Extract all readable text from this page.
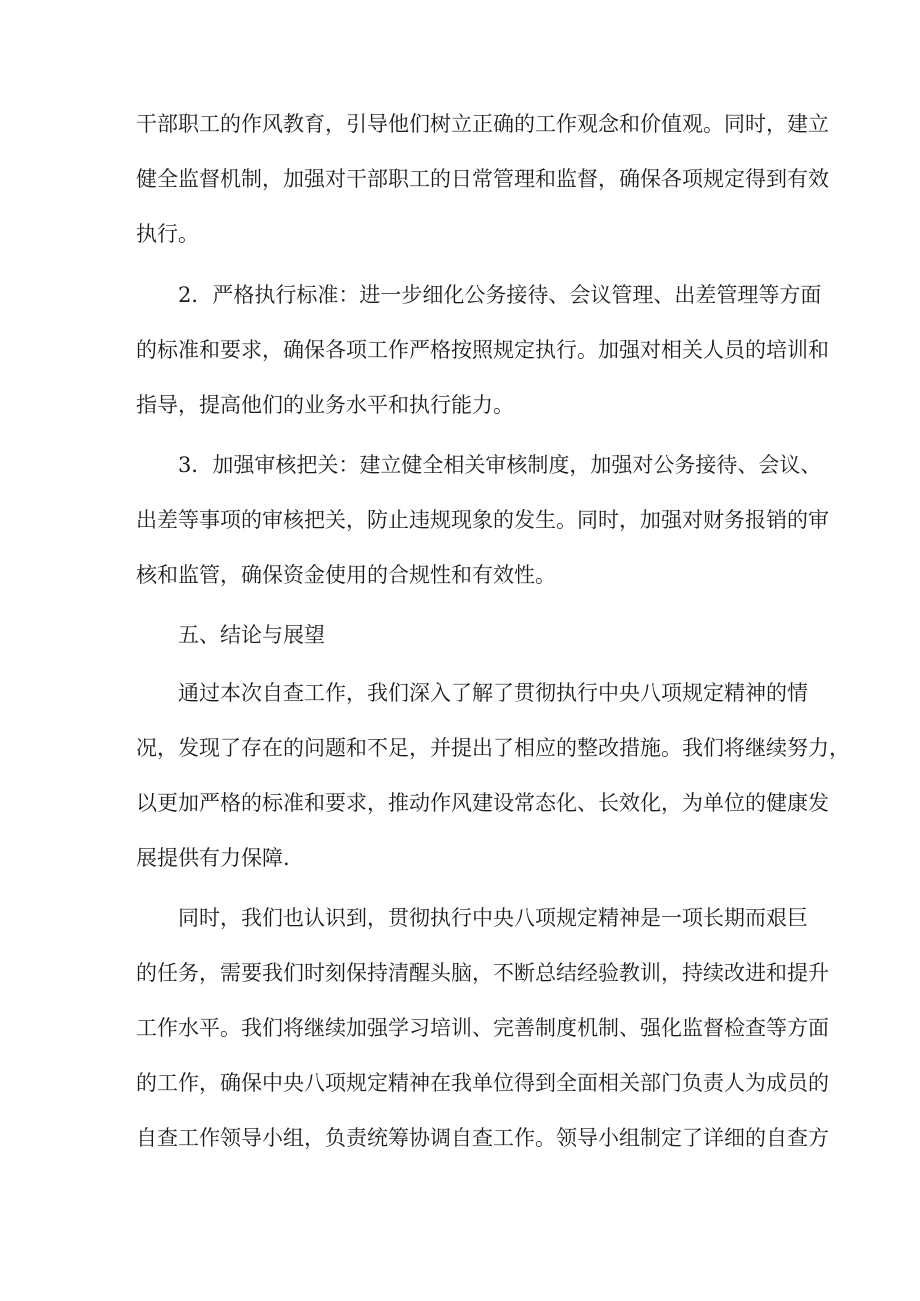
干部职工的作风教育，引导他们树立正确的工作观念和价值观。同时，建立
健全监督机制，加强对干部职工的日常管理和监督，确保各项规定得到有效
执行。
2．严格执行标准：进一步细化公务接待、会议管理、出差管理等方面
的标准和要求，确保各项工作严格按照规定执行。加强对相关人员的培训和
指导，提高他们的业务水平和执行能力。
3．加强审核把关：建立健全相关审核制度，加强对公务接待、会议、
出差等事项的审核把关，防止违规现象的发生。同时，加强对财务报销的审
核和监管，确保资金使用的合规性和有效性。
五、结论与展望
通过本次自查工作，我们深入了解了贯彻执行中央八项规定精神的情
况，发现了存在的问题和不足，并提出了相应的整改措施。我们将继续努力，
以更加严格的标准和要求，推动作风建设常态化、长效化，为单位的健康发
展提供有力保障.
同时，我们也认识到，贯彻执行中央八项规定精神是一项长期而艰巨
的任务，需要我们时刻保持清醒头脑，不断总结经验教训，持续改进和提升
工作水平。我们将继续加强学习培训、完善制度机制、强化监督检查等方面
的工作，确保中央八项规定精神在我单位得到全面相关部门负责人为成员的
自查工作领导小组，负责统筹协调自查工作。领导小组制定了详细的自查方
